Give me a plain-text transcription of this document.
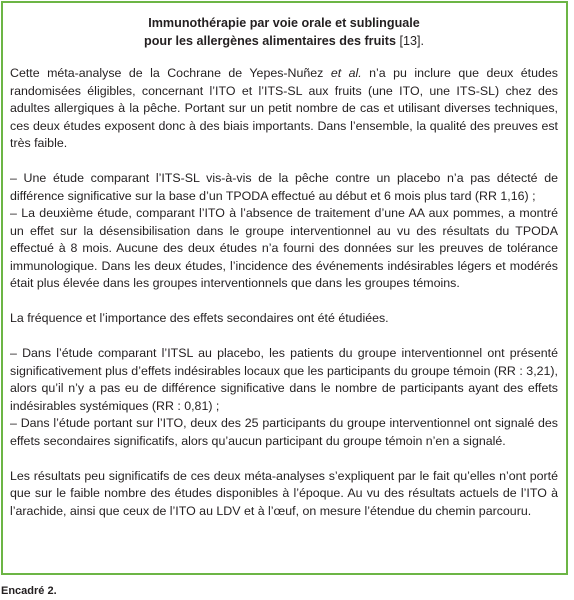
Immunothérapie par voie orale et sublinguale
pour les allergènes alimentaires des fruits [13].

Cette méta-analyse de la Cochrane de Yepes-Nuñez et al. n’a pu inclure que deux études randomisées éligibles, concernant l’ITO et l’ITS-SL aux fruits (une ITO, une ITS-SL) chez des adultes allergiques à la pêche. Portant sur un petit nombre de cas et utilisant diverses techniques, ces deux études exposent donc à des biais importants. Dans l’ensemble, la qualité des preuves est très faible.

– Une étude comparant l’ITS-SL vis-à-vis de la pêche contre un placebo n’a pas détecté de différence significative sur la base d’un TPODA effectué au début et 6 mois plus tard (RR 1,16) ;

– La deuxième étude, comparant l’ITO à l’absence de traitement d’une AA aux pommes, a montré un effet sur la désensibilisation dans le groupe interventionnel au vu des résultats du TPODA effectué à 8 mois. Aucune des deux études n’a fourni des données sur les preuves de tolérance immunologique. Dans les deux études, l’incidence des événements indésirables légers et modérés était plus élevée dans les groupes interventionnels que dans les groupes témoins.

La fréquence et l’importance des effets secondaires ont été étudiées.

– Dans l’étude comparant l’ITSL au placebo, les patients du groupe interventionnel ont présenté significativement plus d’effets indésirables locaux que les participants du groupe témoin (RR : 3,21), alors qu’il n’y a pas eu de différence significative dans le nombre de participants ayant des effets indésirables systémiques (RR : 0,81) ;

– Dans l’étude portant sur l’ITO, deux des 25 participants du groupe interventionnel ont signalé des effets secondaires significatifs, alors qu’aucun participant du groupe témoin n’en a signalé.

Les résultats peu significatifs de ces deux méta-analyses s’expliquent par le fait qu’elles n’ont porté que sur le faible nombre des études disponibles à l’époque. Au vu des résultats actuels de l’ITO à l’arachide, ainsi que ceux de l’ITO au LDV et à l’œuf, on mesure l’étendue du chemin parcouru.

Encadré 2.
